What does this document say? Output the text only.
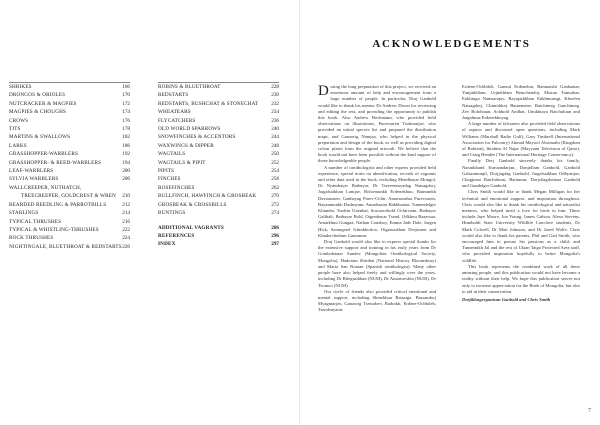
SHRIKES	166
DRONGOS & ORIOLES	170
NUTCRACKER & MAGPIES	172
MAGPIES & CHOUGHS	174
CROWS	176
TITS	178
MARTINS & SWALLOWS	182
LARKS	186
GRASSHOPPER-WARBLERS	192
GRASSHOPPER- & REED-WARBLERS	194
LEAF-WARBLERS	200
SYLVIA WARBLERS	206
WALLCREEPER, NUTHATCH,
TREECREEPER, GOLDCREST & WREN 210
BEARDED REEDLING & PARROTBILLS	212
STARLINGS	214
TYPICAL THRUSHES	216
TYPICAL & WHISTLING-THRUSHES	222
ROCK THRUSHES	224
NIGHTINGALE, BLUETHROAT & REDSTARTS 226
ROBINS & BLUETHROAT	228
REDSTARTS	230
REDSTARTS, BUSHCHAT & STONECHAT 232
WHEATEARS	234
FLYCATCHERS	236
OLD WORLD SPARROWS	240
SNOWFINCHES & ACCENTORS	244
WAXWINGS & DIPPER	248
WAGTAILS	250
WAGTAILS & PIPIT	252
PIPITS	254
FINCHES	258
ROSEFINCHES	262
BULLFINCH, HAWFINCH & GROSBEAK	270
GROSBEAK & CROSSBILLS	272
BUNTINGS	274
ADDITIONAL VAGRANTS	286
REFERENCES	296
INDEX	297
ACKNOWLEDGEMENTS

During the long preparation of this project, we received an enormous amount of help and encouragement from a large number of people. In particular, Dorj Ganbold would like to thank his mentor Dr Andrew Dixon for reviewing and editing the text, and providing the opportunity to publish this book. Also Andrew Bechmann, who provided field observations on illustrations, Purevsuren Tsolmonjav, who provided an initial species list and prepared the distribution maps, and Ganzorig Namjaa, who helped in the physical preparation and design of the book, as well as providing digital colour plates from the original artwork. We believe that the book would not have been possible without the kind support of those knowledgeable people.

A number of ornithologists and other experts provided field experience, special notes on identification, records of vagrants and other data used in the book, including Mendbayar Mongol, Dr Nyambayar Batbayar, Dr Tseveenmyadag Natsagdorj, Jargalsaikhan Lamjav, Bolormunkh Erdenekhuu, Batmunkh Davaasuren, Ganbayag Purev-Ochir, Amarsanshar Purevsuren, Bayanmunkh Dashnyam, Amarbaatar Bakhbaatar, Tumendelger Khumba, Tsedtin Unenbat, Sosorzorbold Ochirvaan, Batbayar Galtbalt, Batbayar Bold, Otgonbayar Tsend, Odkhuu Bazarsaa, Amarkhuu Gungaa, Nathan Conaboy, Emma Jade Dale, Jurgen Hick, Sarangerel Ichinkhorloo, Otgonsukhan Dorjsuren and Khuderchuluun Gantumur.

Dorj Ganbold would also like to express special thanks for the extensive support and training in his early years from Dr Gombobaatar Sundev (Mongolian Ornithological Society, Mongolia), Hadoram Shirihai (National History Bloomsbury) and Maria San Roman (Spanish ornithologist). Many other people have also helped freely and willingly over the years, including Dr Bilegsaikhan (NUM), Dr Amartuvshin (NUM), Dr Tsomoo (NUM).

Our circle of friends also provided critical emotional and mental support, including Shinekhuu Batsaiga, Bassandorj Myagmarjav, Ganzorig Tsesurbev, Badrakh, Erdene-Ochbileh, Tsendsuyanis

Erdene-Ochbileh, Ganzul Erdenebat, Bamnaishi Ganbaatar, Yanjinkhlam, Urjinkhlam Bemchendoj, Muzan Tumurbar, Enkhtuga Namsarajav, Bayajarkhlam Enkhmunsgi, Khoelen Natsagdorj, Chimiddorj Batnemene, Batchimeg Ganchimeg, Zev Bolohtaan, Achbold Andbat, Unukhtaya Batchuluun and Jargalmaa Erdenekhuyag.

A large number of falconers also provided field observations of raptors and discussed open questions, including Mark Williams (Marshall Radio Gulf), Gary Timbrell (International Association for Falconry) Ahmad Mayoof Alromaihi (Kingdom of Bahrain), Ibrahim Al Najar (Mayyaan Television of Qatar), and Craig Hendee (The International Heritage Conservancy).

Finally Dorj Ganbold sincerely thanks his family, Narankhand Esmaandarjan, Donjidlam Ganbold, Ganbold Galsanmunjil, Dorjjagdag Ganbold, Jargalsaikhan Odbyanjav, Chogjmaa Batchuluun, Battumur, Dorjsilagdoimaa Ganbold and Gundelger Ganbold.

Chris Smith would like to thank Megan Milligan for her technical and emotional support, and inspiration throughout. Chris would also like to thank his ornithological and naturalist mentors, who helped instil a love for birds in him. These include Jaye Moore, Jon Young, James Gulson, Alexa Stevens, Humboldt State University Wildlife Conclave students, Dr Mark Colwell, Dr Matt Johnson, and Dr Jared Wolfe. Chris would also like to thank his parents, Phil and Gail Smith, who encouraged him to pursue his passions as a child, and Tumennikh Jal and the rest of Ulaan Taiga Protected Area staff, who provided inspiration hopefully to better Mongolia's wildlife.

This book represents the combined work of all these amazing people, and this publication would not have become a reality without their help. We hope this publication serves not only to increase appreciation for the Birds of Mongolia, but also to aid in their conservation.

Dorjikhugergantsan Ganbold and Chris Smith

7
